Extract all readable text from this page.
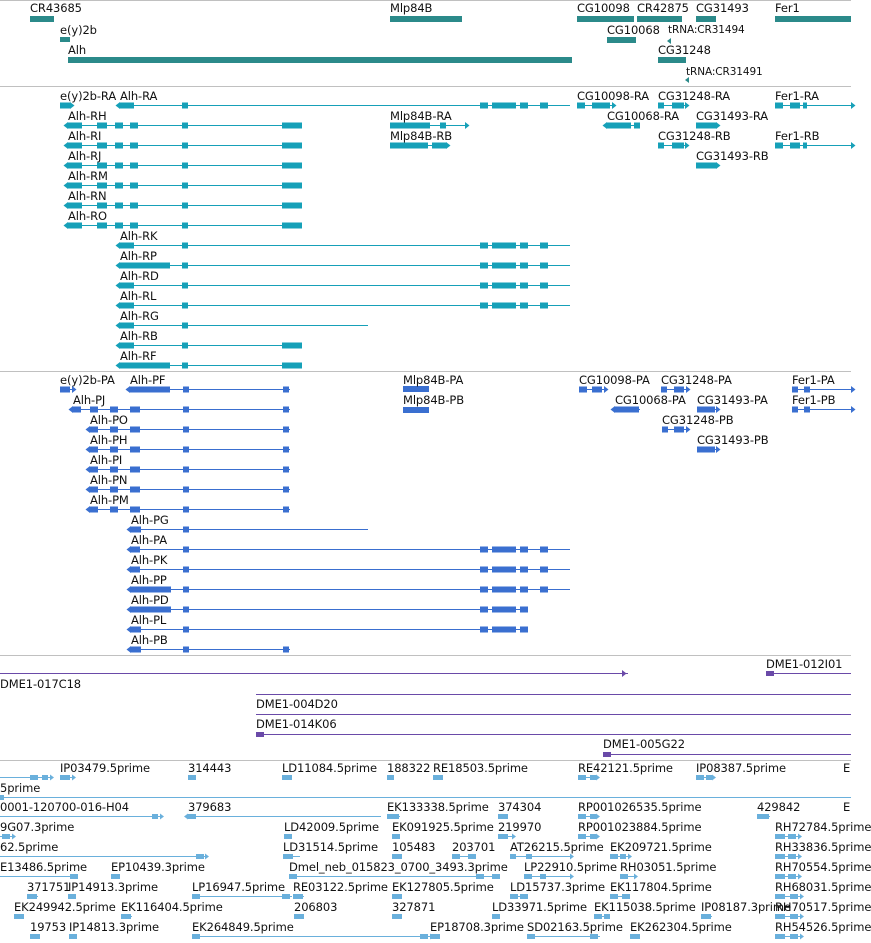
CR43685	Mlp84B	CG10098 CR42875 CG31493 Fer1
e(y)2b	CG10068 tRNA:CR31494
Alh	CG31248
tRNA:CR31491
e(y)2b-RA Alh-RA	CG10098-RA CG31248-RA	Fer1-RA
Alh-RH	Mlp84B-RA	CG10068-RA CG31493-RA
Alh-RI	Mlp84B-RB	CG31248-RB	Fer1-RB
Alh-RJ	CG31493-RB
Alh-RM
Alh-RN
Alh-RO
Alh-RK
Alh-RP
Alh-RD
Alh-RL
Alh-RG
Alh-RB
Alh-RF
e(y)2b-PA Alh-PF	Mlp84B-PA	CG10098-PA CG31248-PA	Fer1-PA
Alh-PJ	Mlp84B-PB	CG10068-PA CG31493-PA Fer1-PB
Alh-PO	CG31248-PB
Alh-PH	CG31493-PB
Alh-PI
Alh-PN
Alh-PM
Alh-PG
Alh-PA
Alh-PK
Alh-PP
Alh-PD
Alh-PL
Alh-PB
DME1-012I01
DME1-017C18
DME1-004D20
DME1-014K06
DME1-005G22
IP03479.5prime	314443	LD11084.5prime 188322 RE18503.5prime	RE42121.5prime IP08387.5prime	E
5prime
0001-120700-016-H04	379683	EK133338.5prime 374304	RP001026535.5prime	429842	E
9G07.3prime	LD42009.5prime EK091925.5prime 219970	RP001023884.5prime	RH72784.5prime
62.5prime	LD31514.5prime 105483 203701 AT26215.5prime EK209721.5prime	RH33836.5prime
E13486.5prime EP10439.3prime	Dmel_neb_015823_0700_3493.3prime LP22910.5prime RH03051.5prime	RH70554.5prime
371751
IP14913.3prime	LP16947.5prime RE03122.5prime EK127805.5prime LD15737.3prime EK117804.5prime	RH68031.5prime
EK249942.5prime EK116404.5prime	206803	327871	LD33971.5prime EK115038.5prime IP08187.3prime
RH70517.5prime
19753 IP14813.3prime	EK264849.5prime	EP18708.3prime SD02163.5prime EK262304.5prime	RH54526.5prime
